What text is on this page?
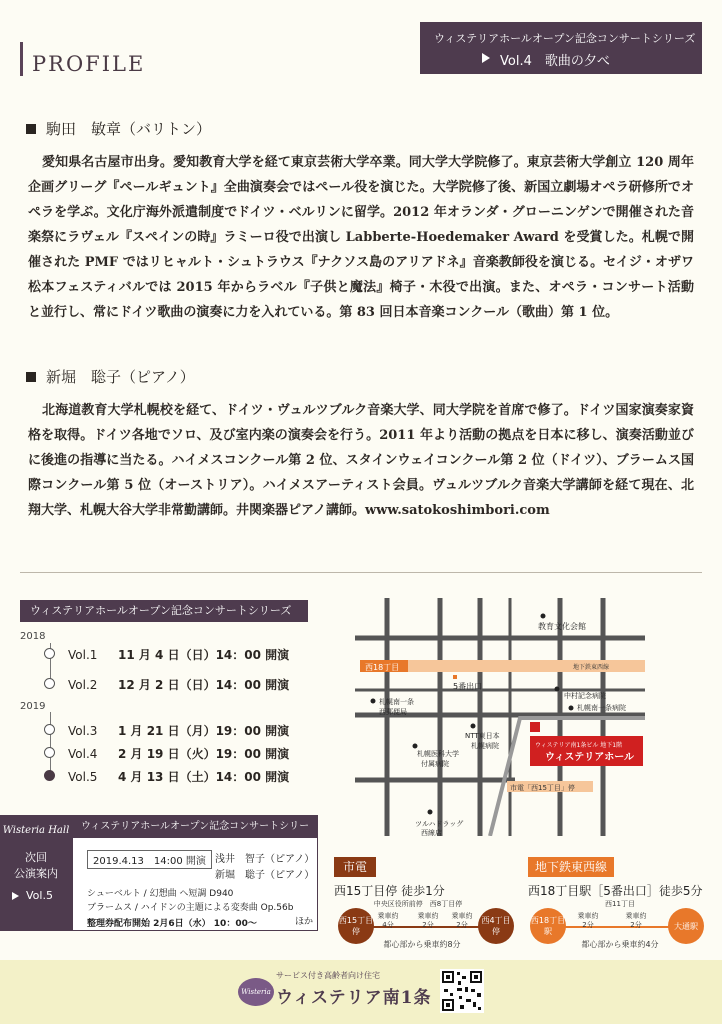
PROFILE
ウィステリアホールオープン記念コンサートシリーズ
Vol.4　歌曲の夕べ
駒田　敏章（バリトン）
愛知県名古屋市出身。愛知教育大学を経て東京芸術大学卒業。同大学大学院修了。東京芸術大学創立 120 周年企画グリーグ『ペールギュント』全曲演奏会ではペール役を演じた。大学院修了後、新国立劇場オペラ研修所でオペラを学ぶ。文化庁海外派遣制度でドイツ・ベルリンに留学。2012 年オランダ・グローニンゲンで開催された音楽祭にラヴェル『スペインの時』ラミーロ役で出演し Labberte-Hoedemaker Award を受賞した。札幌で開催された PMF ではリヒャルト・シュトラウス『ナクソス島のアリアドネ』音楽教師役を演じる。セイジ・オザワ松本フェスティバルでは 2015 年からラベル『子供と魔法』椅子・木役で出演。また、オペラ・コンサート活動と並行し、常にドイツ歌曲の演奏に力を入れている。第 83 回日本音楽コンクール（歌曲）第 1 位。
新堀　聡子（ピアノ）
北海道教育大学札幌校を経て、ドイツ・ヴュルツブルク音楽大学、同大学院を首席で修了。ドイツ国家演奏家資格を取得。ドイツ各地でソロ、及び室内楽の演奏会を行う。2011 年より活動の拠点を日本に移し、演奏活動並びに後進の指導に当たる。ハイメスコンクール第 2 位、スタインウェイコンクール第 2 位（ドイツ）、ブラームス国際コンクール第 5 位（オーストリア）。ハイメスアーティスト会員。ヴュルツブルク音楽大学講師を経て現在、北翔大学、札幌大谷大学非常勤講師。井関楽器ピアノ講師。www.satokoshimbori.com
ウィステリアホールオープン記念コンサートシリーズ
2018
2019
Vol.1 11 月 4 日（日）14：00 開演
Vol.2 12 月 2 日（日）14：00 開演
Vol.3 1 月 21 日（月）19：00 開演
Vol.4 2 月 19 日（火）19：00 開演
Vol.5 4 月 13 日（土）14：00 開演
Wisteria Hall
次回
公演案内
Vol.5
ウィステリアホールオープン記念コンサートシリーズ
2019.4.13　14:00 開演 浅井　智子（ピアノ）
新堀　聡子（ピアノ）
シューベルト / 幻想曲 ヘ短調 D940
ブラームス / ハイドンの主題による変奏曲 Op.56b
ほか
整理券配布開始 2月6日（水） 10：00～
西18丁目	地下鉄東西線
5番出口
教育文化会館
中村記念病院
札幌南一条病院
札幌南一条
西郵便局
NTT東日本
札幌病院
札幌医科大学
付属病院
ウィステリア南1条ビル 地下1階
ウィステリアホール
市電「西15丁目」停
ツルハドラッグ
西線店
市電
西15丁目停 徒歩1分
中央区役所前停　西8丁目停
西15丁目停
西4丁目停
乗車約4分
乗車約2分
乗車約2分
都心部から乗車約8分
地下鉄東西線
西18丁目駅［5番出口］徒歩5分
西11丁目
西18丁目駅
大通駅
乗車約2分
乗車約2分
都心部から乗車約4分
Wisteria
サービス付き高齢者向け住宅
ウィステリア南1条
